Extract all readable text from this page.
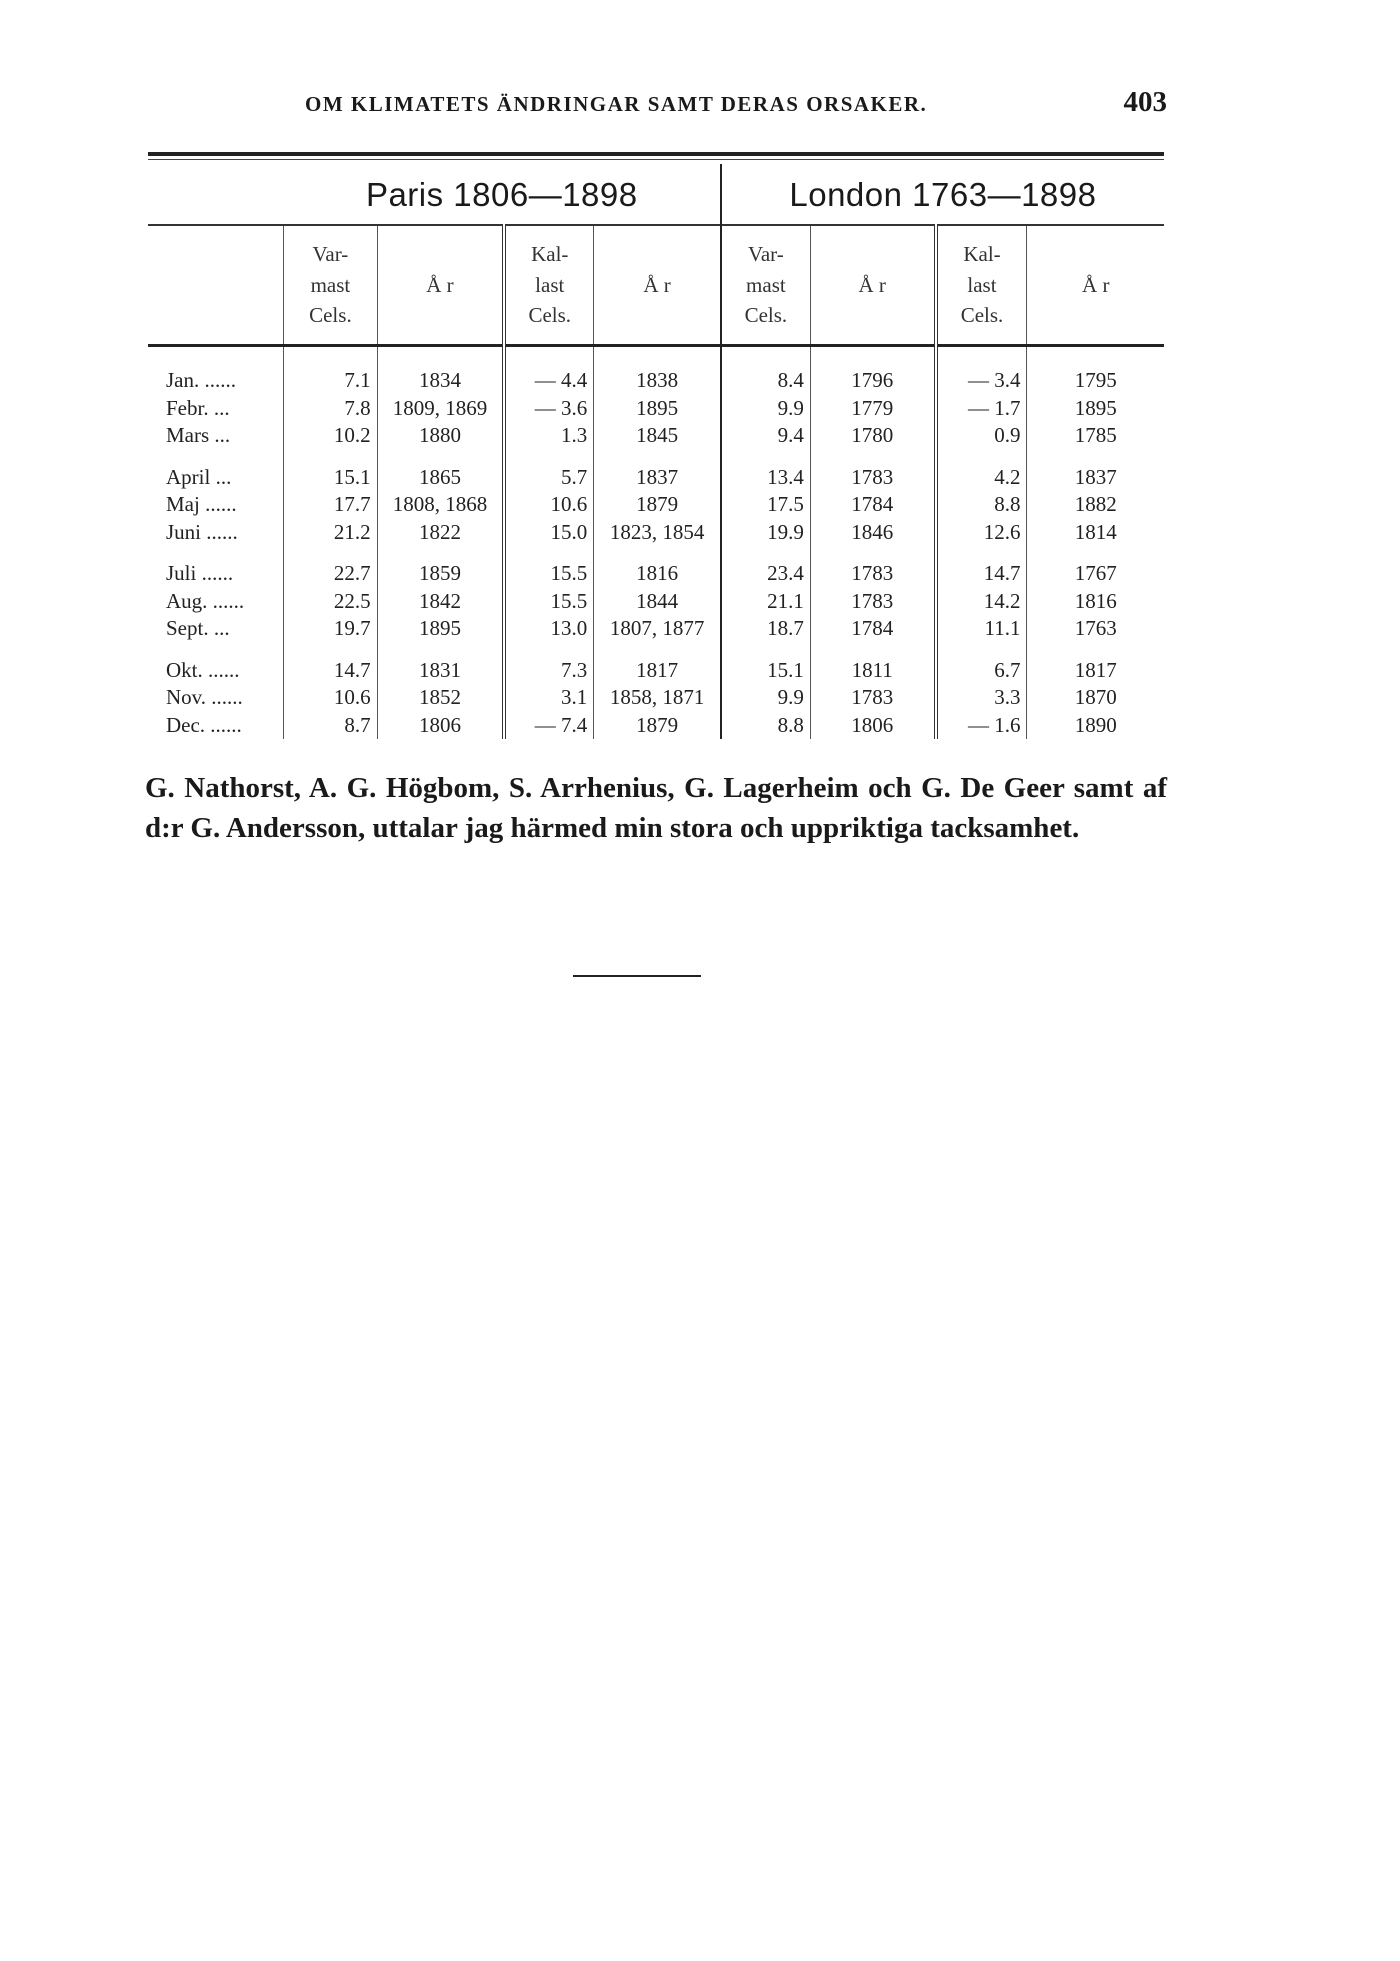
OM KLIMATETS ÄNDRINGAR SAMT DERAS ORSAKER.	403
	Paris 1806—1898				London 1763—1898			
	Var-
mast
Cels.	Å r	Kal-
last
Cels.	Å r	Var-
mast
Cels.	Å r	Kal-
last
Cels.	Å r
Jan. ......	7.1	1834	— 4.4	1838	8.4	1796	— 3.4	1795
Febr. ...	7.8	1809, 1869	— 3.6	1895	9.9	1779	— 1.7	1895
Mars ...	10.2	1880	1.3	1845	9.4	1780	0.9	1785
April ...	15.1	1865	5.7	1837	13.4	1783	4.2	1837
Maj ......	17.7	1808, 1868	10.6	1879	17.5	1784	8.8	1882
Juni ......	21.2	1822	15.0	1823, 1854	19.9	1846	12.6	1814
Juli ......	22.7	1859	15.5	1816	23.4	1783	14.7	1767
Aug. ......	22.5	1842	15.5	1844	21.1	1783	14.2	1816
Sept. ...	19.7	1895	13.0	1807, 1877	18.7	1784	11.1	1763
Okt. ......	14.7	1831	7.3	1817	15.1	1811	6.7	1817
Nov. ......	10.6	1852	3.1	1858, 1871	9.9	1783	3.3	1870
Dec. ......	8.7	1806	— 7.4	1879	8.8	1806	— 1.6	1890
G. Nathorst, A. G. Högbom, S. Arrhenius, G. Lagerheim och G. De Geer samt af d:r G. Andersson, uttalar jag härmed min stora och uppriktiga tacksamhet.
